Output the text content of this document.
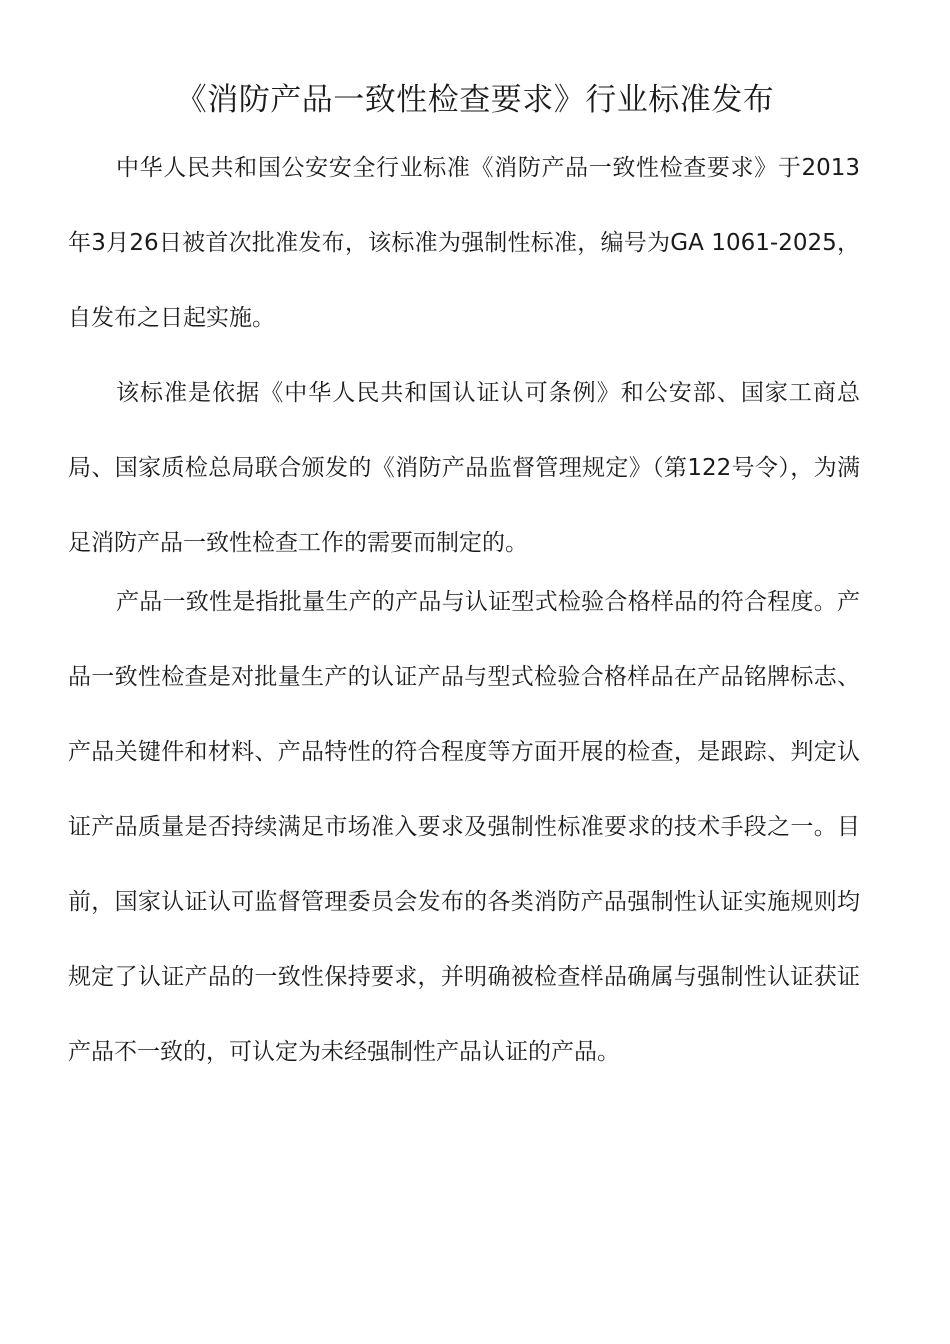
《消防产品一致性检查要求》行业标准发布

中华人民共和国公安安全行业标准《消防产品一致性检查要求》于2013年3月26日被首次批准发布，该标准为强制性标准，编号为GA 1061-2025，自发布之日起实施。

该标准是依据《中华人民共和国认证认可条例》和公安部、国家工商总局、国家质检总局联合颁发的《消防产品监督管理规定》（第122号令），为满足消防产品一致性检查工作的需要而制定的。

产品一致性是指批量生产的产品与认证型式检验合格样品的符合程度。产品一致性检查是对批量生产的认证产品与型式检验合格样品在产品铭牌标志、产品关键件和材料、产品特性的符合程度等方面开展的检查，是跟踪、判定认证产品质量是否持续满足市场准入要求及强制性标准要求的技术手段之一。目前，国家认证认可监督管理委员会发布的各类消防产品强制性认证实施规则均规定了认证产品的一致性保持要求，并明确被检查样品确属与强制性认证获证产品不一致的，可认定为未经强制性产品认证的产品。
